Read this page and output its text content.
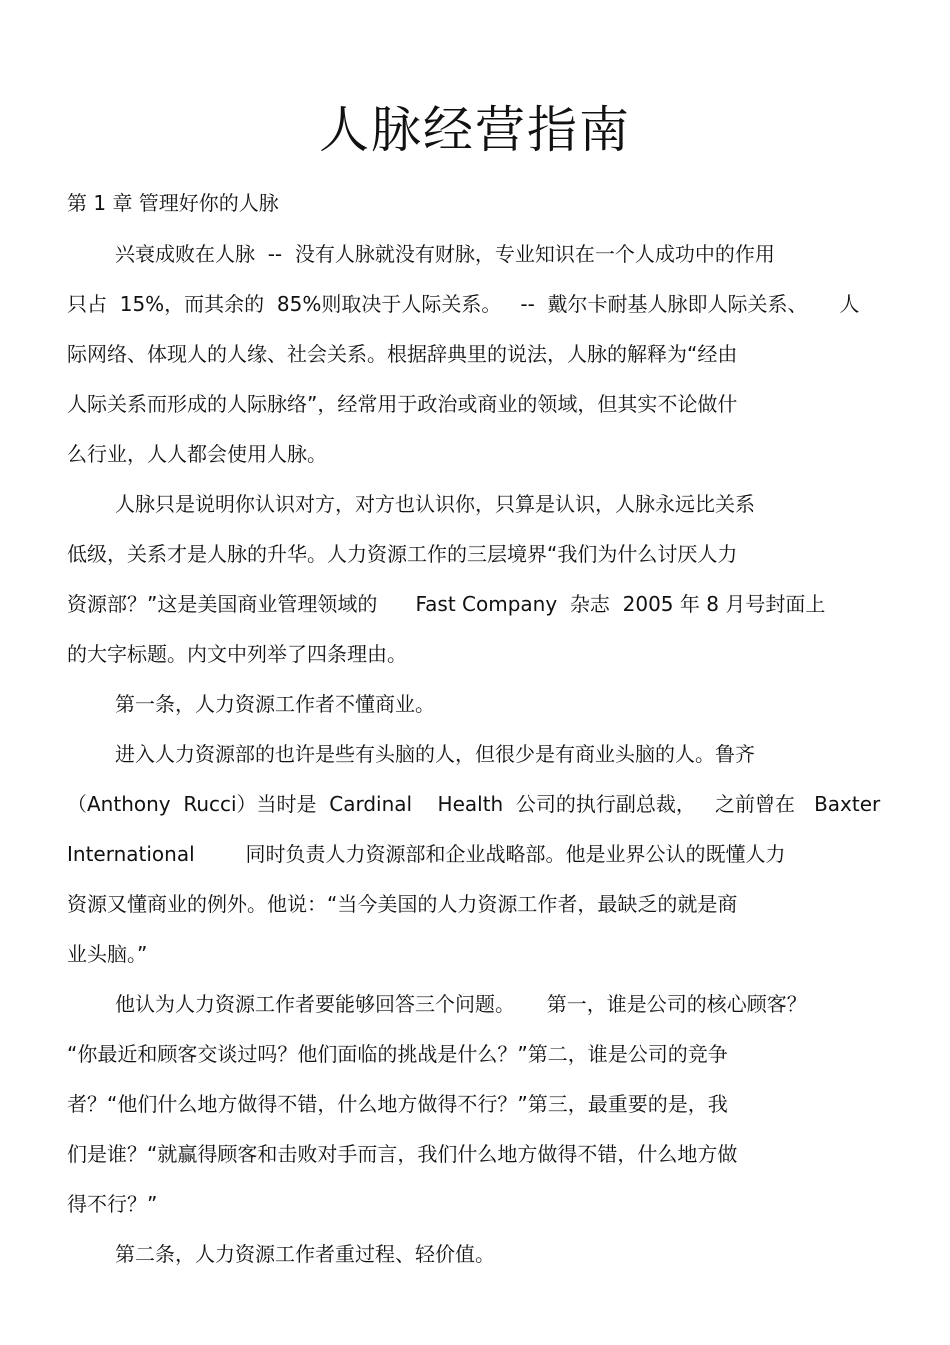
人脉经营指南
第 1 章 管理好你的人脉

兴衰成败在人脉  --  没有人脉就没有财脉，专业知识在一个人成功中的作用

只占  15%，而其余的  85%则取决于人际关系。   --  戴尔卡耐基人脉即人际关系、     人

际网络、体现人的人缘、社会关系。根据辞典里的说法，人脉的解释为“经由

人际关系而形成的人际脉络”，经常用于政治或商业的领域，但其实不论做什

么行业，人人都会使用人脉。

人脉只是说明你认识对方，对方也认识你，只算是认识，人脉永远比关系

低级，关系才是人脉的升华。人力资源工作的三层境界“我们为什么讨厌人力

资源部？”这是美国商业管理领域的      Fast Company  杂志  2005 年 8 月号封面上

的大字标题。内文中列举了四条理由。

第一条，人力资源工作者不懂商业。

进入人力资源部的也许是些有头脑的人，但很少是有商业头脑的人。鲁齐

（Anthony  Rucci）当时是  Cardinal    Health  公司的执行副总裁，   之前曾在   Baxter

International        同时负责人力资源部和企业战略部。他是业界公认的既懂人力

资源又懂商业的例外。他说：“当今美国的人力资源工作者，最缺乏的就是商

业头脑。”

他认为人力资源工作者要能够回答三个问题。     第一，谁是公司的核心顾客？

“你最近和顾客交谈过吗？他们面临的挑战是什么？”第二，谁是公司的竞争

者？“他们什么地方做得不错，什么地方做得不行？”第三，最重要的是，我

们是谁？“就赢得顾客和击败对手而言，我们什么地方做得不错，什么地方做

得不行？”

第二条，人力资源工作者重过程、轻价值。
